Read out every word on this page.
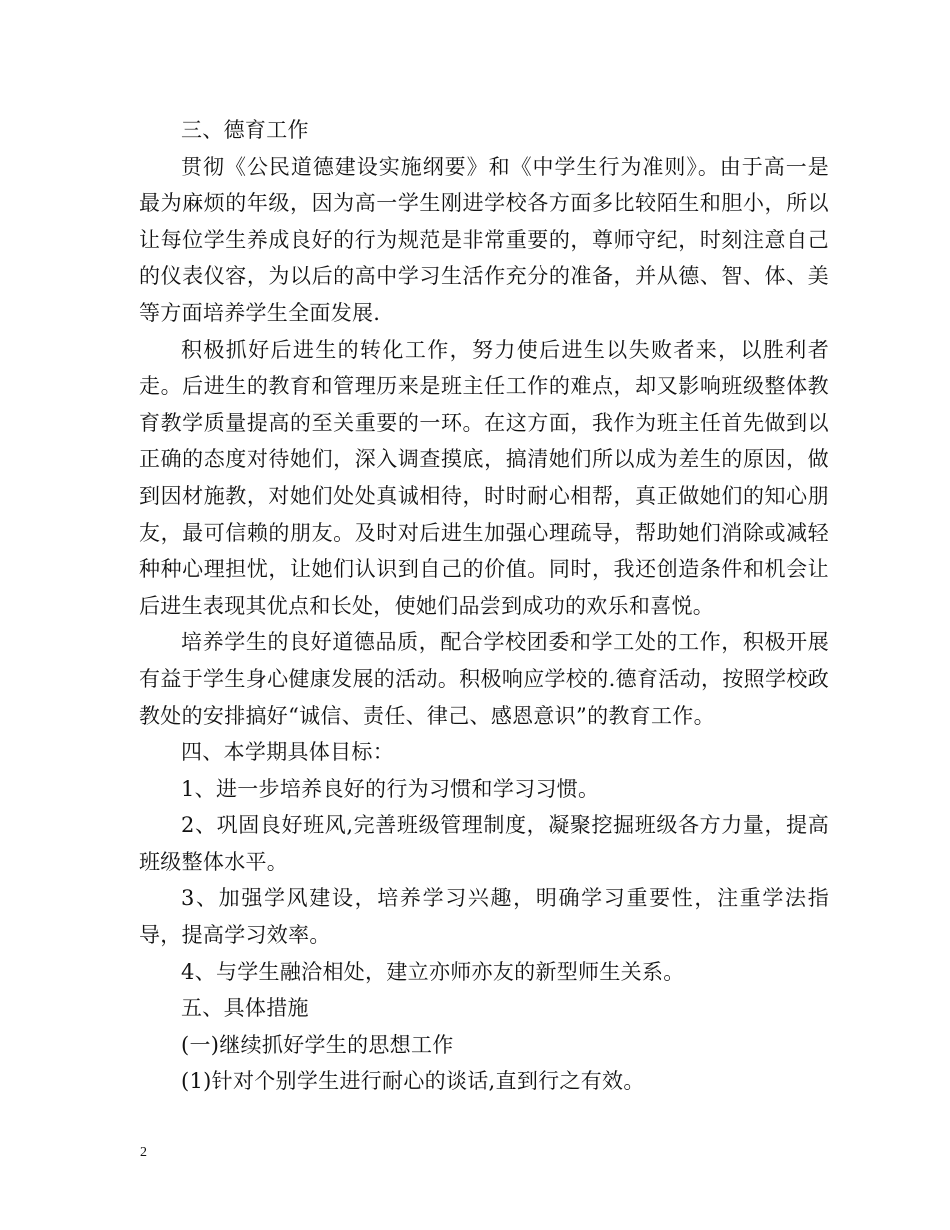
三、德育工作

贯彻《公民道德建设实施纲要》和《中学生行为准则》。由于高一是最为麻烦的年级，因为高一学生刚进学校各方面多比较陌生和胆小，所以让每位学生养成良好的行为规范是非常重要的，尊师守纪，时刻注意自己的仪表仪容，为以后的高中学习生活作充分的准备，并从德、智、体、美等方面培养学生全面发展.

积极抓好后进生的转化工作，努力使后进生以失败者来，以胜利者走。后进生的教育和管理历来是班主任工作的难点，却又影响班级整体教育教学质量提高的至关重要的一环。在这方面，我作为班主任首先做到以正确的态度对待她们，深入调查摸底，搞清她们所以成为差生的原因，做到因材施教，对她们处处真诚相待，时时耐心相帮，真正做她们的知心朋友，最可信赖的朋友。及时对后进生加强心理疏导，帮助她们消除或减轻种种心理担忧，让她们认识到自己的价值。同时，我还创造条件和机会让后进生表现其优点和长处，使她们品尝到成功的欢乐和喜悦。

培养学生的良好道德品质，配合学校团委和学工处的工作，积极开展有益于学生身心健康发展的活动。积极响应学校的.德育活动，按照学校政教处的安排搞好“诚信、责任、律己、感恩意识”的教育工作。

四、本学期具体目标：

1、进一步培养良好的行为习惯和学习习惯。

2、巩固良好班风,完善班级管理制度，凝聚挖掘班级各方力量，提高班级整体水平。

3、加强学风建设，培养学习兴趣，明确学习重要性，注重学法指导，提高学习效率。

4、与学生融洽相处，建立亦师亦友的新型师生关系。

五、具体措施

(一)继续抓好学生的思想工作

(1)针对个别学生进行耐心的谈话,直到行之有效。

2
